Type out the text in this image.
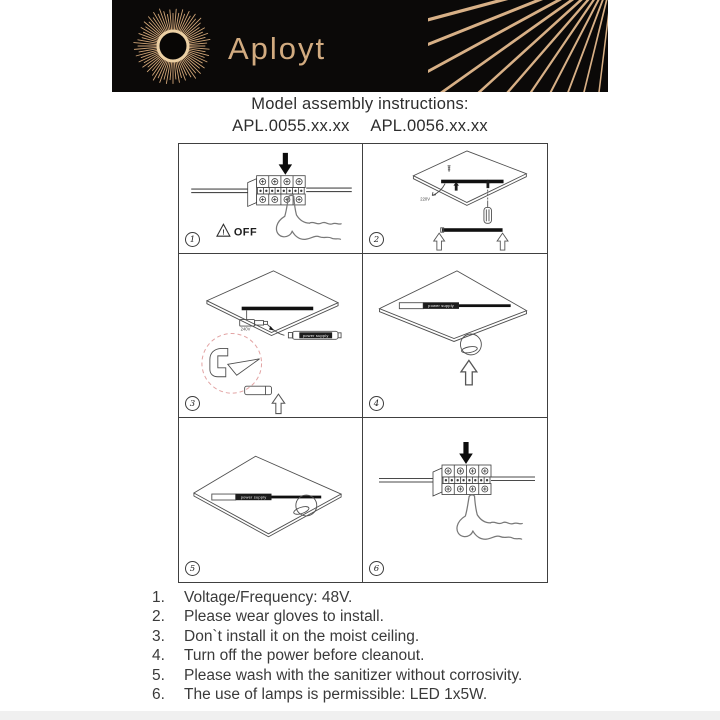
Aployt
Model assembly instructions:
APL.0055.xx.xx APL.0056.xx.xx
! OFF
1
220V
2
240V
power supply
3
power supply
4
power supply
5	6
1.	Voltage/Frequency: 48V.
2.	Please wear gloves to install.
3.	Don`t install it on the moist ceiling.
4.	Turn off the power before cleanout.
5.	Please wash with the sanitizer without corrosivity.
6.	The use of lamps is permissible: LED 1x5W.
